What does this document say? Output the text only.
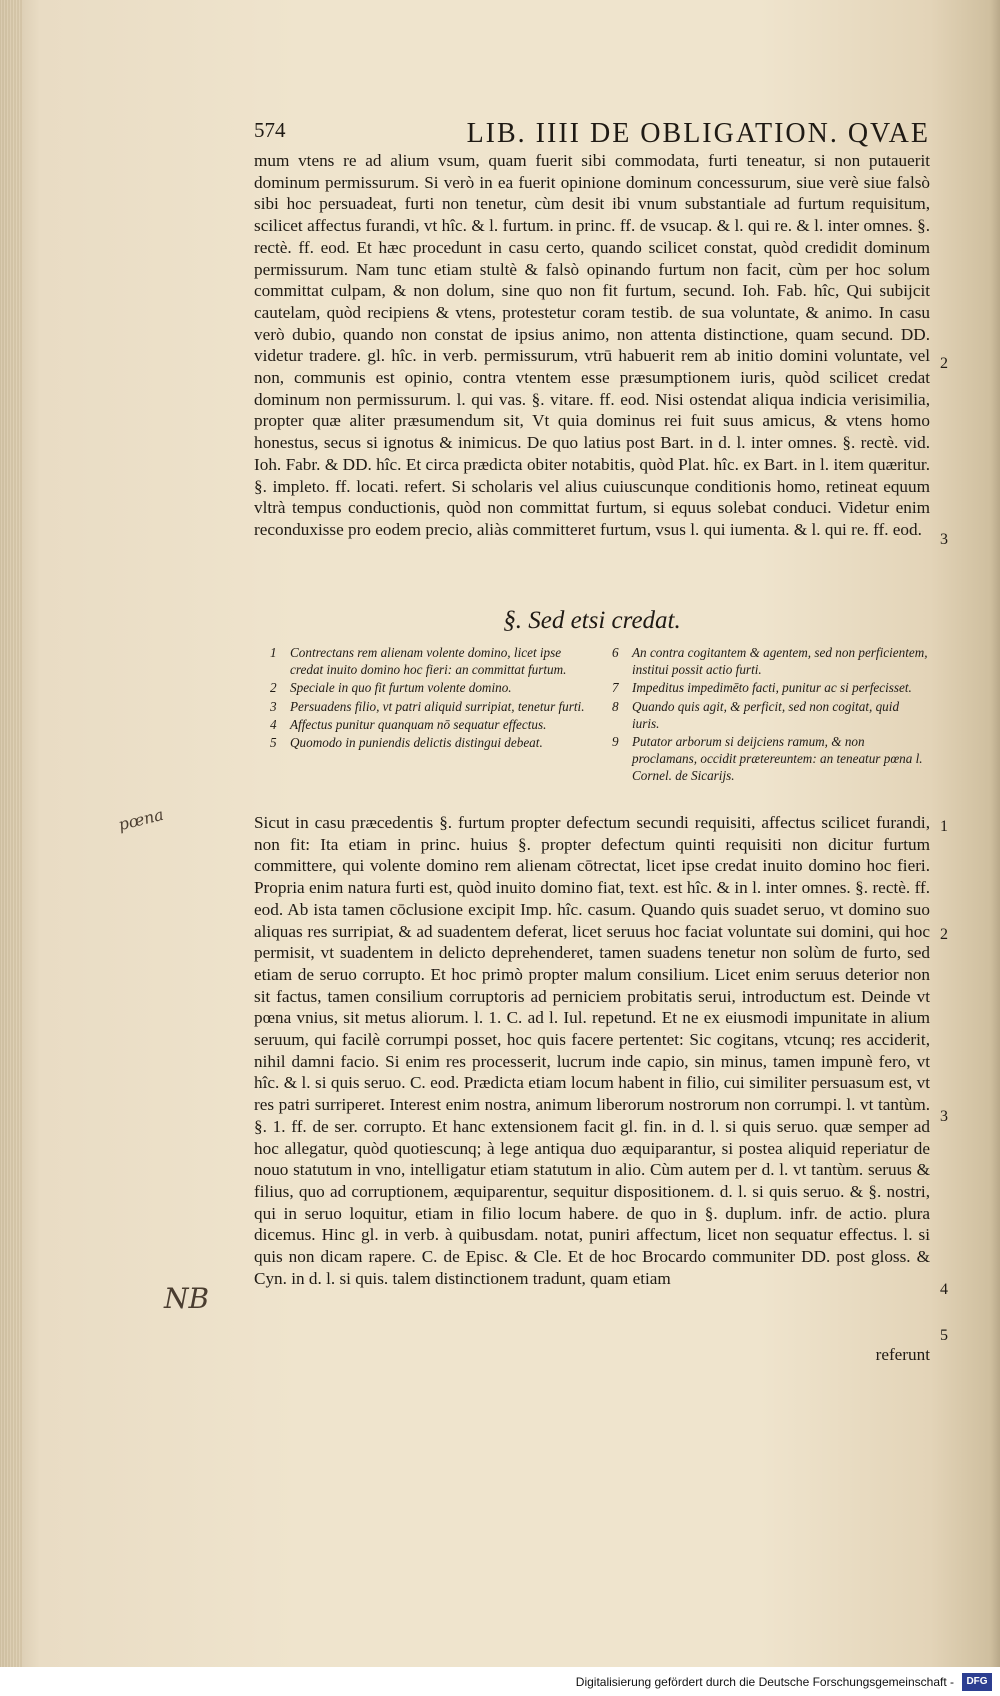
574	LIB. IIII DE OBLIGATION. QVAE

mum vtens re ad alium vsum, quam fuerit sibi commodata, furti teneatur, si non putauerit dominum permissurum. Si verò in ea fuerit opinione dominum concessurum, siue verè siue falsò sibi hoc persuadeat, furti non tenetur, cùm desit ibi vnum substantiale ad furtum requisitum, scilicet affectus furandi, vt hîc. & l. furtum. in princ. ff. de vsucap. & l. qui re. & l. inter omnes. §. rectè. ff. eod. Et hæc procedunt in casu certo, quando scilicet constat, quòd credidit dominum permissurum. Nam tunc etiam stultè & falsò opinando furtum non facit, cùm per hoc solum committat culpam, & non dolum, sine quo non fit furtum, secund. Ioh. Fab. hîc, Qui subijcit cautelam, quòd recipiens & vtens, protestetur coram testib. de sua voluntate, & animo. In casu verò dubio, quando non constat de ipsius animo, non attenta distinctione, quam secund. DD. videtur tradere. gl. hîc. in verb. permissurum, vtrū habuerit rem ab initio domini voluntate, vel non, communis est opinio, contra vtentem esse præsumptionem iuris, quòd scilicet credat dominum non permissurum. l. qui vas. §. vitare. ff. eod. Nisi ostendat aliqua indicia verisimilia, propter quæ aliter præsumendum sit, Vt quia dominus rei fuit suus amicus, & vtens homo honestus, secus si ignotus & inimicus. De quo latius post Bart. in d. l. inter omnes. §. rectè. vid. Ioh. Fabr. & DD. hîc. Et circa prædicta obiter notabitis, quòd Plat. hîc. ex Bart. in l. item quæritur. §. impleto. ff. locati. refert. Si scholaris vel alius cuiuscunque conditionis homo, retineat equum vltrà tempus conductionis, quòd non committat furtum, si equus solebat conduci. Videtur enim reconduxisse pro eodem precio, aliàs committeret furtum, vsus l. qui iumenta. & l. qui re. ff. eod.

§. Sed etsi credat.
1	Contrectans rem alienam volente domino, licet ipse credat inuito domino hoc fieri: an committat furtum.
2	Speciale in quo fit furtum volente domino.
3	Persuadens filio, vt patri aliquid surripiat, tenetur furti.
4	Affectus punitur quanquam nō sequatur effectus.
5	Quomodo in puniendis delictis distingui debeat.
6	An contra cogitantem & agentem, sed non perficientem, institui possit actio furti.
7	Impeditus impedimēto facti, punitur ac si perfecisset.
8	Quando quis agit, & perficit, sed non cogitat, quid iuris.
9	Putator arborum si deijciens ramum, & non proclamans, occidit prætereuntem: an teneatur pœna l. Cornel. de Sicarijs.

Sicut in casu præcedentis §. furtum propter defectum secundi requisiti, affectus scilicet furandi, non fit: Ita etiam in princ. huius §. propter defectum quinti requisiti non dicitur furtum committere, qui volente domino rem alienam cōtrectat, licet ipse credat inuito domino hoc fieri. Propria enim natura furti est, quòd inuito domino fiat, text. est hîc. & in l. inter omnes. §. rectè. ff. eod. Ab ista tamen cōclusione excipit Imp. hîc. casum. Quando quis suadet seruo, vt domino suo aliquas res surripiat, & ad suadentem deferat, licet seruus hoc faciat voluntate sui domini, qui hoc permisit, vt suadentem in delicto deprehenderet, tamen suadens tenetur non solùm de furto, sed etiam de seruo corrupto. Et hoc primò propter malum consilium. Licet enim seruus deterior non sit factus, tamen consilium corruptoris ad perniciem probitatis serui, introductum est. Deinde vt pœna vnius, sit metus aliorum. l. 1. C. ad l. Iul. repetund. Et ne ex eiusmodi impunitate in alium seruum, qui facilè corrumpi posset, hoc quis facere pertentet: Sic cogitans, vtcunq; res acciderit, nihil damni facio. Si enim res processerit, lucrum inde capio, sin minus, tamen impunè fero, vt hîc. & l. si quis seruo. C. eod. Prædicta etiam locum habent in filio, cui similiter persuasum est, vt res patri surriperet. Interest enim nostra, animum liberorum nostrorum non corrumpi. l. vt tantùm. §. 1. ff. de ser. corrupto. Et hanc extensionem facit gl. fin. in d. l. si quis seruo. quæ semper ad hoc allegatur, quòd quotiescunq; à lege antiqua duo æquiparantur, si postea aliquid reperiatur de nouo statutum in vno, intelligatur etiam statutum in alio. Cùm autem per d. l. vt tantùm. seruus & filius, quo ad corruptionem, æquiparentur, sequitur dispositionem. d. l. si quis seruo. & §. nostri, qui in seruo loquitur, etiam in filio locum habere. de quo in §. duplum. infr. de actio. plura dicemus. Hinc gl. in verb. à quibusdam. notat, puniri affectum, licet non sequatur effectus. l. si quis non dicam rapere. C. de Episc. & Cle. Et de hoc Brocardo communiter DD. post gloss. & Cyn. in d. l. si quis. talem distinctionem tradunt, quam etiam

referunt
2
3
1
2
3
4
5
pœna
NB
Digitalisierung gefördert durch die Deutsche Forschungsgemeinschaft -	DFG
